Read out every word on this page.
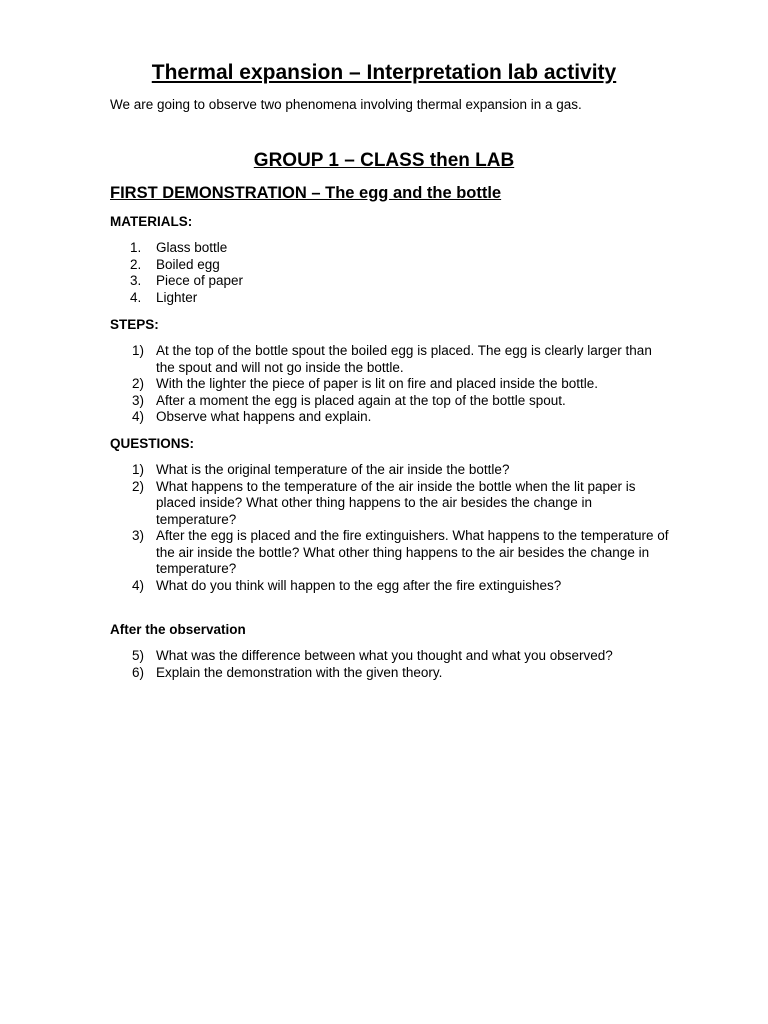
Thermal expansion – Interpretation lab activity
We are going to observe two phenomena involving thermal expansion in a gas.
GROUP 1 – CLASS then LAB
FIRST DEMONSTRATION – The egg and the bottle
MATERIALS:
1. Glass bottle
2. Boiled egg
3. Piece of paper
4. Lighter
STEPS:
1) At the top of the bottle spout the boiled egg is placed. The egg is clearly larger than the spout and will not go inside the bottle.
2) With the lighter the piece of paper is lit on fire and placed inside the bottle.
3) After a moment the egg is placed again at the top of the bottle spout.
4) Observe what happens and explain.
QUESTIONS:
1) What is the original temperature of the air inside the bottle?
2) What happens to the temperature of the air inside the bottle when the lit paper is placed inside? What other thing happens to the air besides the change in temperature?
3) After the egg is placed and the fire extinguishers. What happens to the temperature of the air inside the bottle? What other thing happens to the air besides the change in temperature?
4) What do you think will happen to the egg after the fire extinguishes?
After the observation
5) What was the difference between what you thought and what you observed?
6) Explain the demonstration with the given theory.
